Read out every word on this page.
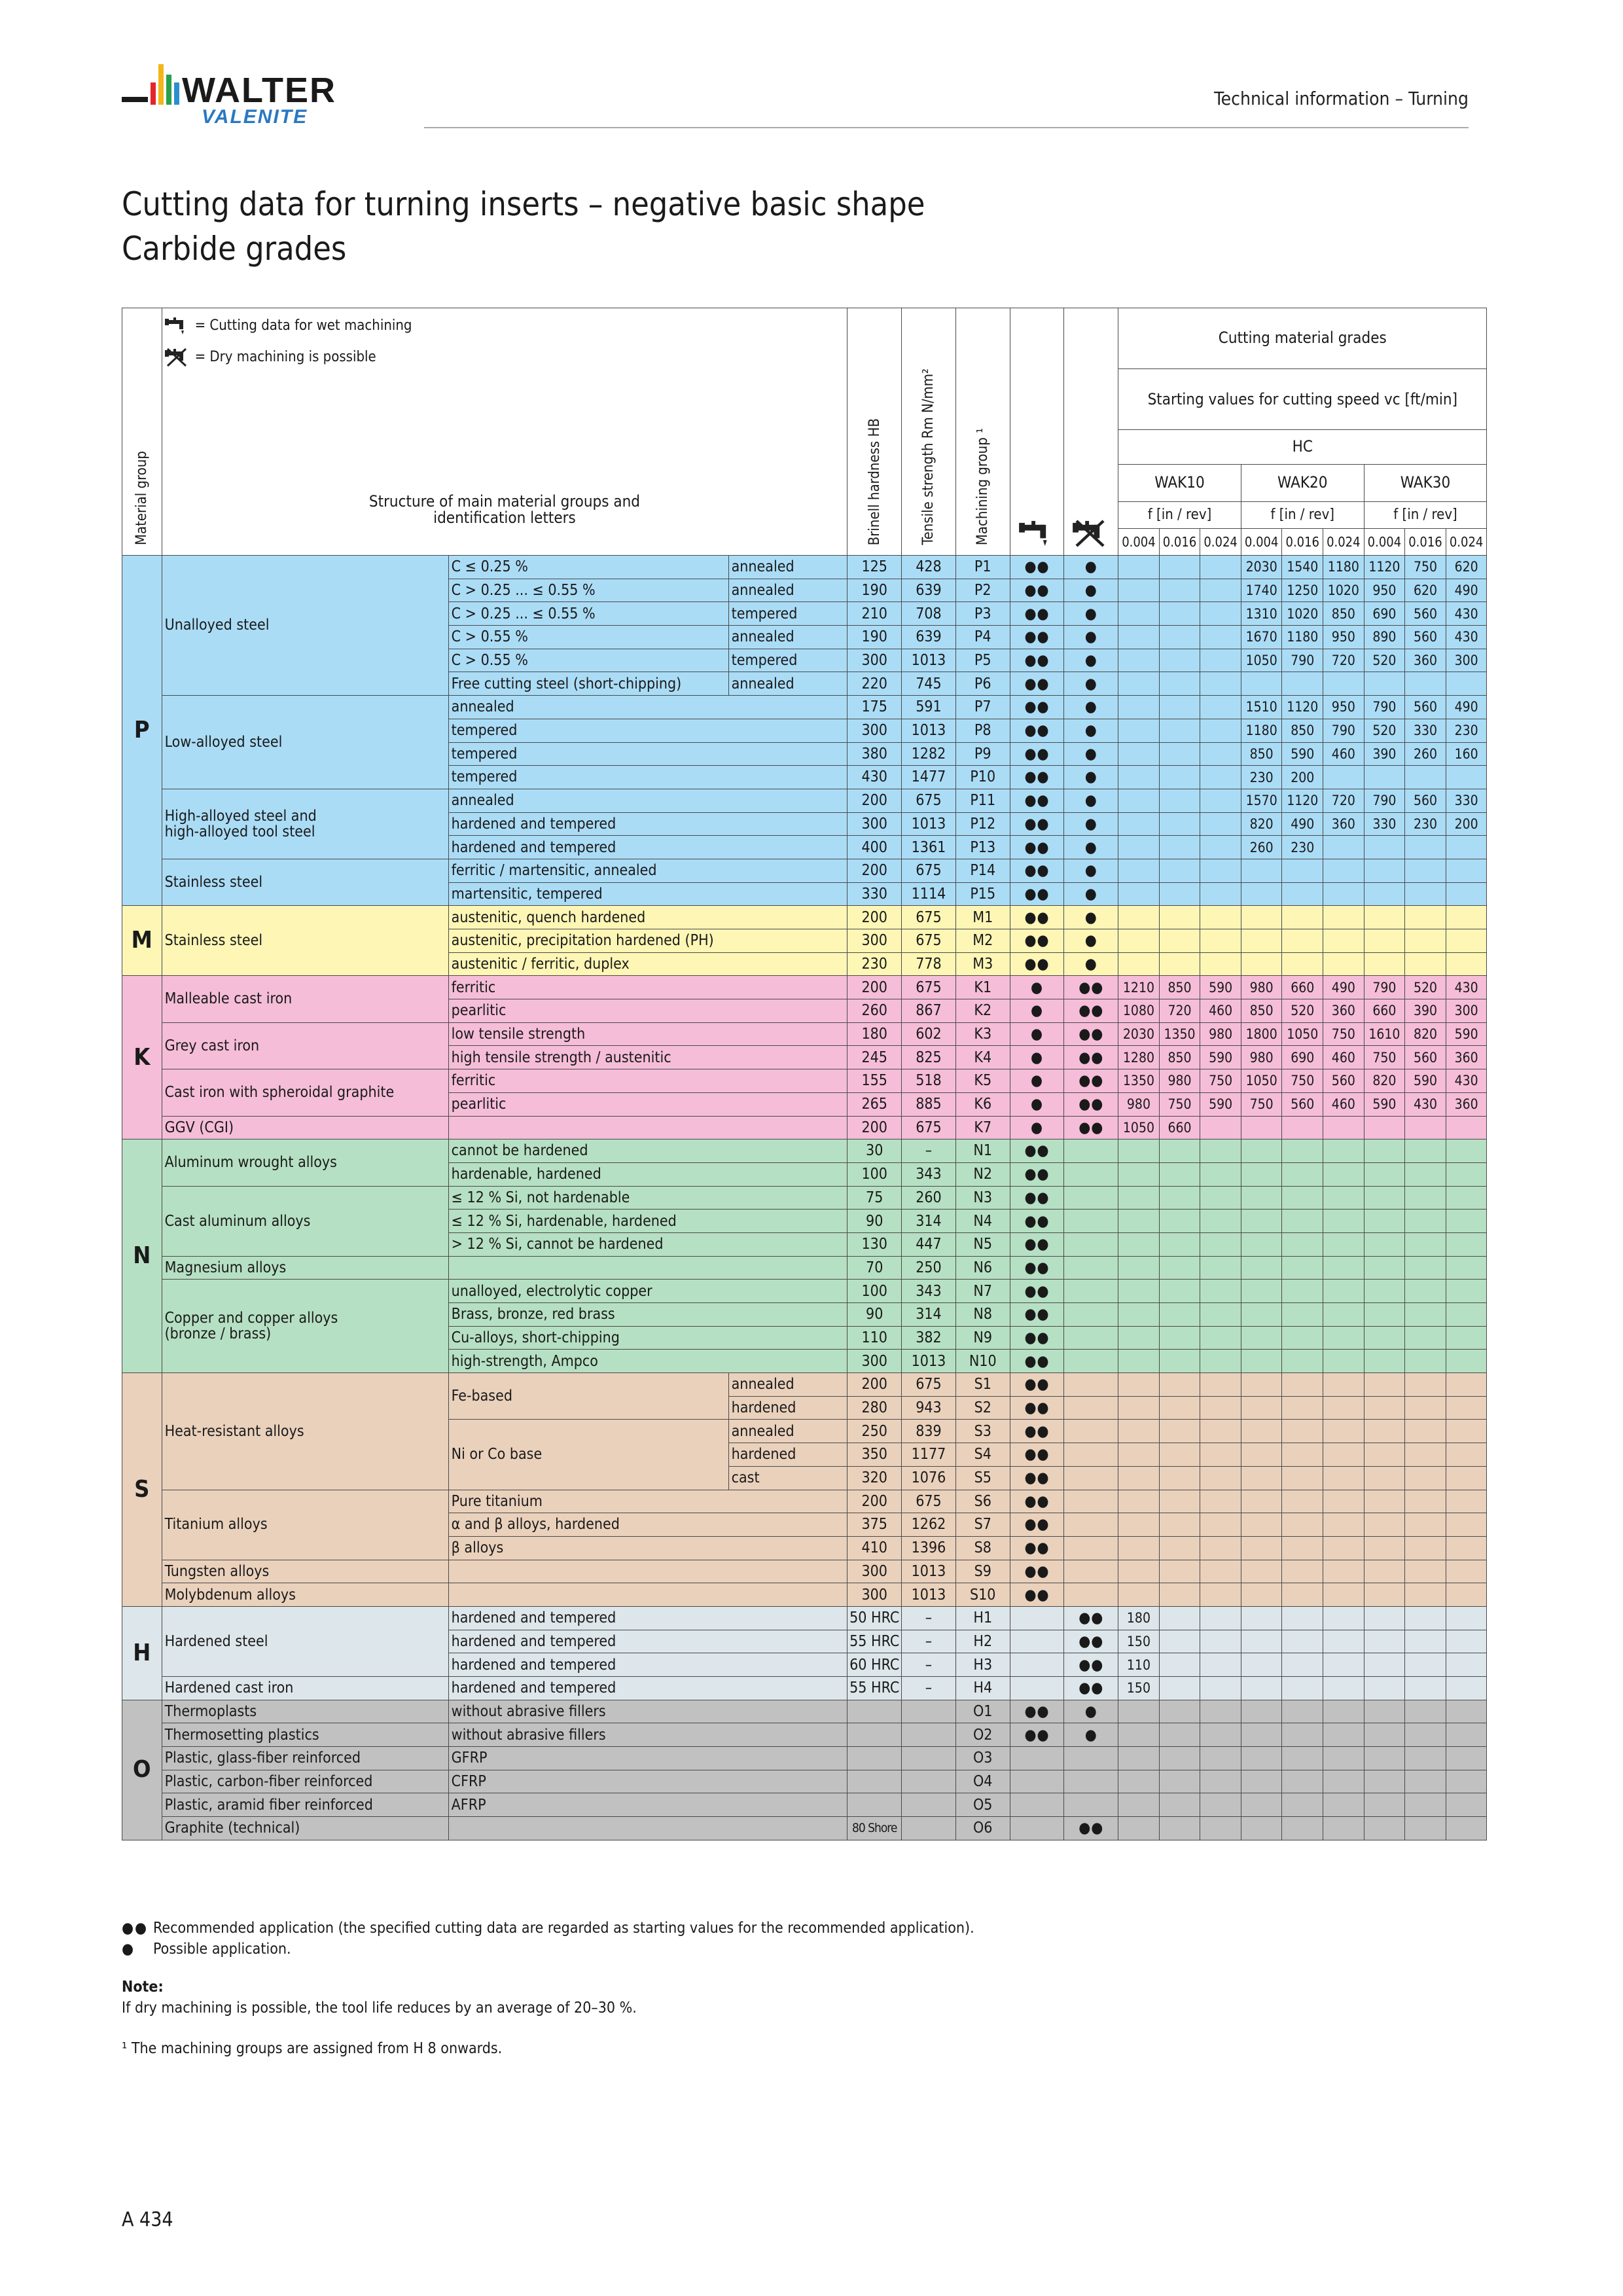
WALTER
VALENITE
Technical information – Turning
Cutting data for turning inserts – negative basic shape
Carbide grades
Material group	= Cutting data for wet machining
= Dry machining is possible			Brinell hardness HB	Tensile strength Rm N/mm²	Machining group ¹			Cutting material grades									
									Starting values for cutting speed vc [ft/min]									
									HC									

	Structure of main material groups and identification letters								WAK10			WAK20			WAK30			
									f [in / rev]			f [in / rev]			f [in / rev]			
									0.004	0.016	0.024	0.004	0.016	0.024	0.004	0.016	0.024	
P	Unalloyed steel	C ≤ 0.25 %	annealed	125	428	P1	●●	●				2030	1540	1180	1120	750	620	
		C > 0.25 ... ≤ 0.55 %	annealed	190	639	P2	●●	●				1740	1250	1020	950	620	490	
		C > 0.25 ... ≤ 0.55 %	tempered	210	708	P3	●●	●				1310	1020	850	690	560	430	
		C > 0.55 %	annealed	190	639	P4	●●	●				1670	1180	950	890	560	430	
		C > 0.55 %	tempered	300	1013	P5	●●	●				1050	790	720	520	360	300	
		Free cutting steel (short-chipping)	annealed	220	745	P6	●●	●										
	Low-alloyed steel	annealed		175	591	P7	●●	●				1510	1120	950	790	560	490	
		tempered		300	1013	P8	●●	●				1180	850	790	520	330	230	
		tempered		380	1282	P9	●●	●				850	590	460	390	260	160	
		tempered		430	1477	P10	●●	●				230	200					
	High-alloyed steel and
high-alloyed tool steel	annealed		200	675	P11	●●	●				1570	1120	720	790	560	330	
		hardened and tempered		300	1013	P12	●●	●				820	490	360	330	230	200	
		hardened and tempered		400	1361	P13	●●	●				260	230					
	Stainless steel	ferritic / martensitic, annealed		200	675	P14	●●	●										
		martensitic, tempered		330	1114	P15	●●	●										
M	Stainless steel	austenitic, quench hardened		200	675	M1	●●	●										
		austenitic, precipitation hardened (PH)		300	675	M2	●●	●										
		austenitic / ferritic, duplex		230	778	M3	●●	●										
K	Malleable cast iron	ferritic		200	675	K1	●	●●	1210	850	590	980	660	490	790	520	430	
		pearlitic		260	867	K2	●	●●	1080	720	460	850	520	360	660	390	300	
	Grey cast iron	low tensile strength		180	602	K3	●	●●	2030	1350	980	1800	1050	750	1610	820	590	
		high tensile strength / austenitic		245	825	K4	●	●●	1280	850	590	980	690	460	750	560	360	
	Cast iron with spheroidal graphite	ferritic		155	518	K5	●	●●	1350	980	750	1050	750	560	820	590	430	
		pearlitic		265	885	K6	●	●●	980	750	590	750	560	460	590	430	360	
	GGV (CGI)			200	675	K7	●	●●	1050	660								
N	Aluminum wrought alloys	cannot be hardened		30	–	N1	●●											
		hardenable, hardened		100	343	N2	●●											
	Cast aluminum alloys	≤ 12 % Si, not hardenable		75	260	N3	●●											
		≤ 12 % Si, hardenable, hardened		90	314	N4	●●											
		> 12 % Si, cannot be hardened		130	447	N5	●●											
	Magnesium alloys			70	250	N6	●●											
	Copper and copper alloys
(bronze / brass)	unalloyed, electrolytic copper		100	343	N7	●●											
		Brass, bronze, red brass		90	314	N8	●●											
		Cu-alloys, short-chipping		110	382	N9	●●											
		high-strength, Ampco		300	1013	N10	●●											
S	Heat-resistant alloys	Fe-based	annealed	200	675	S1	●●											
			hardened	280	943	S2	●●											
		Ni or Co base	annealed	250	839	S3	●●											
			hardened	350	1177	S4	●●											
			cast	320	1076	S5	●●											
	Titanium alloys	Pure titanium		200	675	S6	●●											
		α and β alloys, hardened		375	1262	S7	●●											
		β alloys		410	1396	S8	●●											
	Tungsten alloys			300	1013	S9	●●											
	Molybdenum alloys			300	1013	S10	●●											
H	Hardened steel	hardened and tempered		50 HRC	–	H1		●●	180									
		hardened and tempered		55 HRC	–	H2		●●	150									
		hardened and tempered		60 HRC	–	H3		●●	110									
	Hardened cast iron	hardened and tempered		55 HRC	–	H4		●●	150									
O	Thermoplasts	without abrasive fillers				O1	●●	●										
	Thermosetting plastics	without abrasive fillers				O2	●●	●										
	Plastic, glass-fiber reinforced	GFRP				O3												
	Plastic, carbon-fiber reinforced	CFRP				O4												
	Plastic, aramid fiber reinforced	AFRP				O5												
	Graphite (technical)			80 Shore		O6		●●										
●● Recommended application (the specified cutting data are regarded as starting values for the recommended application).
●	Possible application.
Note:
If dry machining is possible, the tool life reduces by an average of 20–30 %.
¹ The machining groups are assigned from H 8 onwards.
A 434
